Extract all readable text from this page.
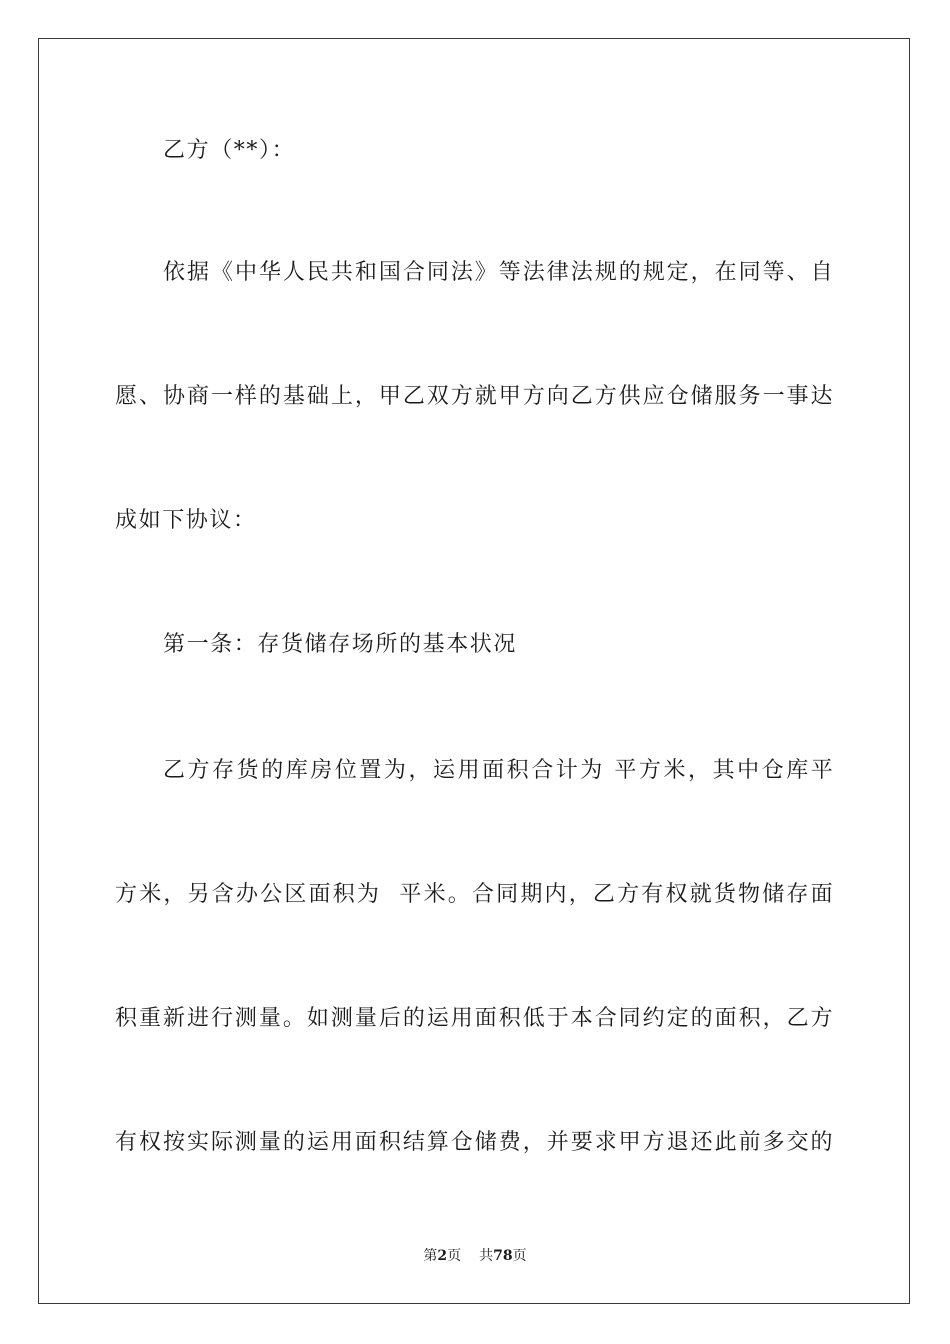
乙方（**）：
依 据 《 中 华 人 民 共 和 国 合 同 法 》 等 法 律 法 规 的 规 定 ， 在 同 等 、 自
愿 、 协 商 一 样 的 基 础 上 ， 甲 乙 双 方 就 甲 方 向 乙 方 供 应 仓 储 服 务 一 事 达
成如下协议：
第一条：存货储存场所的基本状况
乙 方 存 货 的 库 房 位 置 为 ， 运 用 面 积 合 计 为
平 方 米 ， 其 中 仓 库 平
方 米 ， 另 含 办 公 区 面 积 为

平 米 。 合 同 期 内 ， 乙 方 有 权 就 货 物 储 存 面
积 重 新 进 行 测 量 。 如 测 量 后 的 运 用 面 积 低 于 本 合 同 约 定 的 面 积 ， 乙 方
有 权 按 实 际 测 量 的 运 用 面 积 结 算 仓 储 费 ， 并 要 求 甲 方 退 还 此 前 多 交 的
第2页 共78页
